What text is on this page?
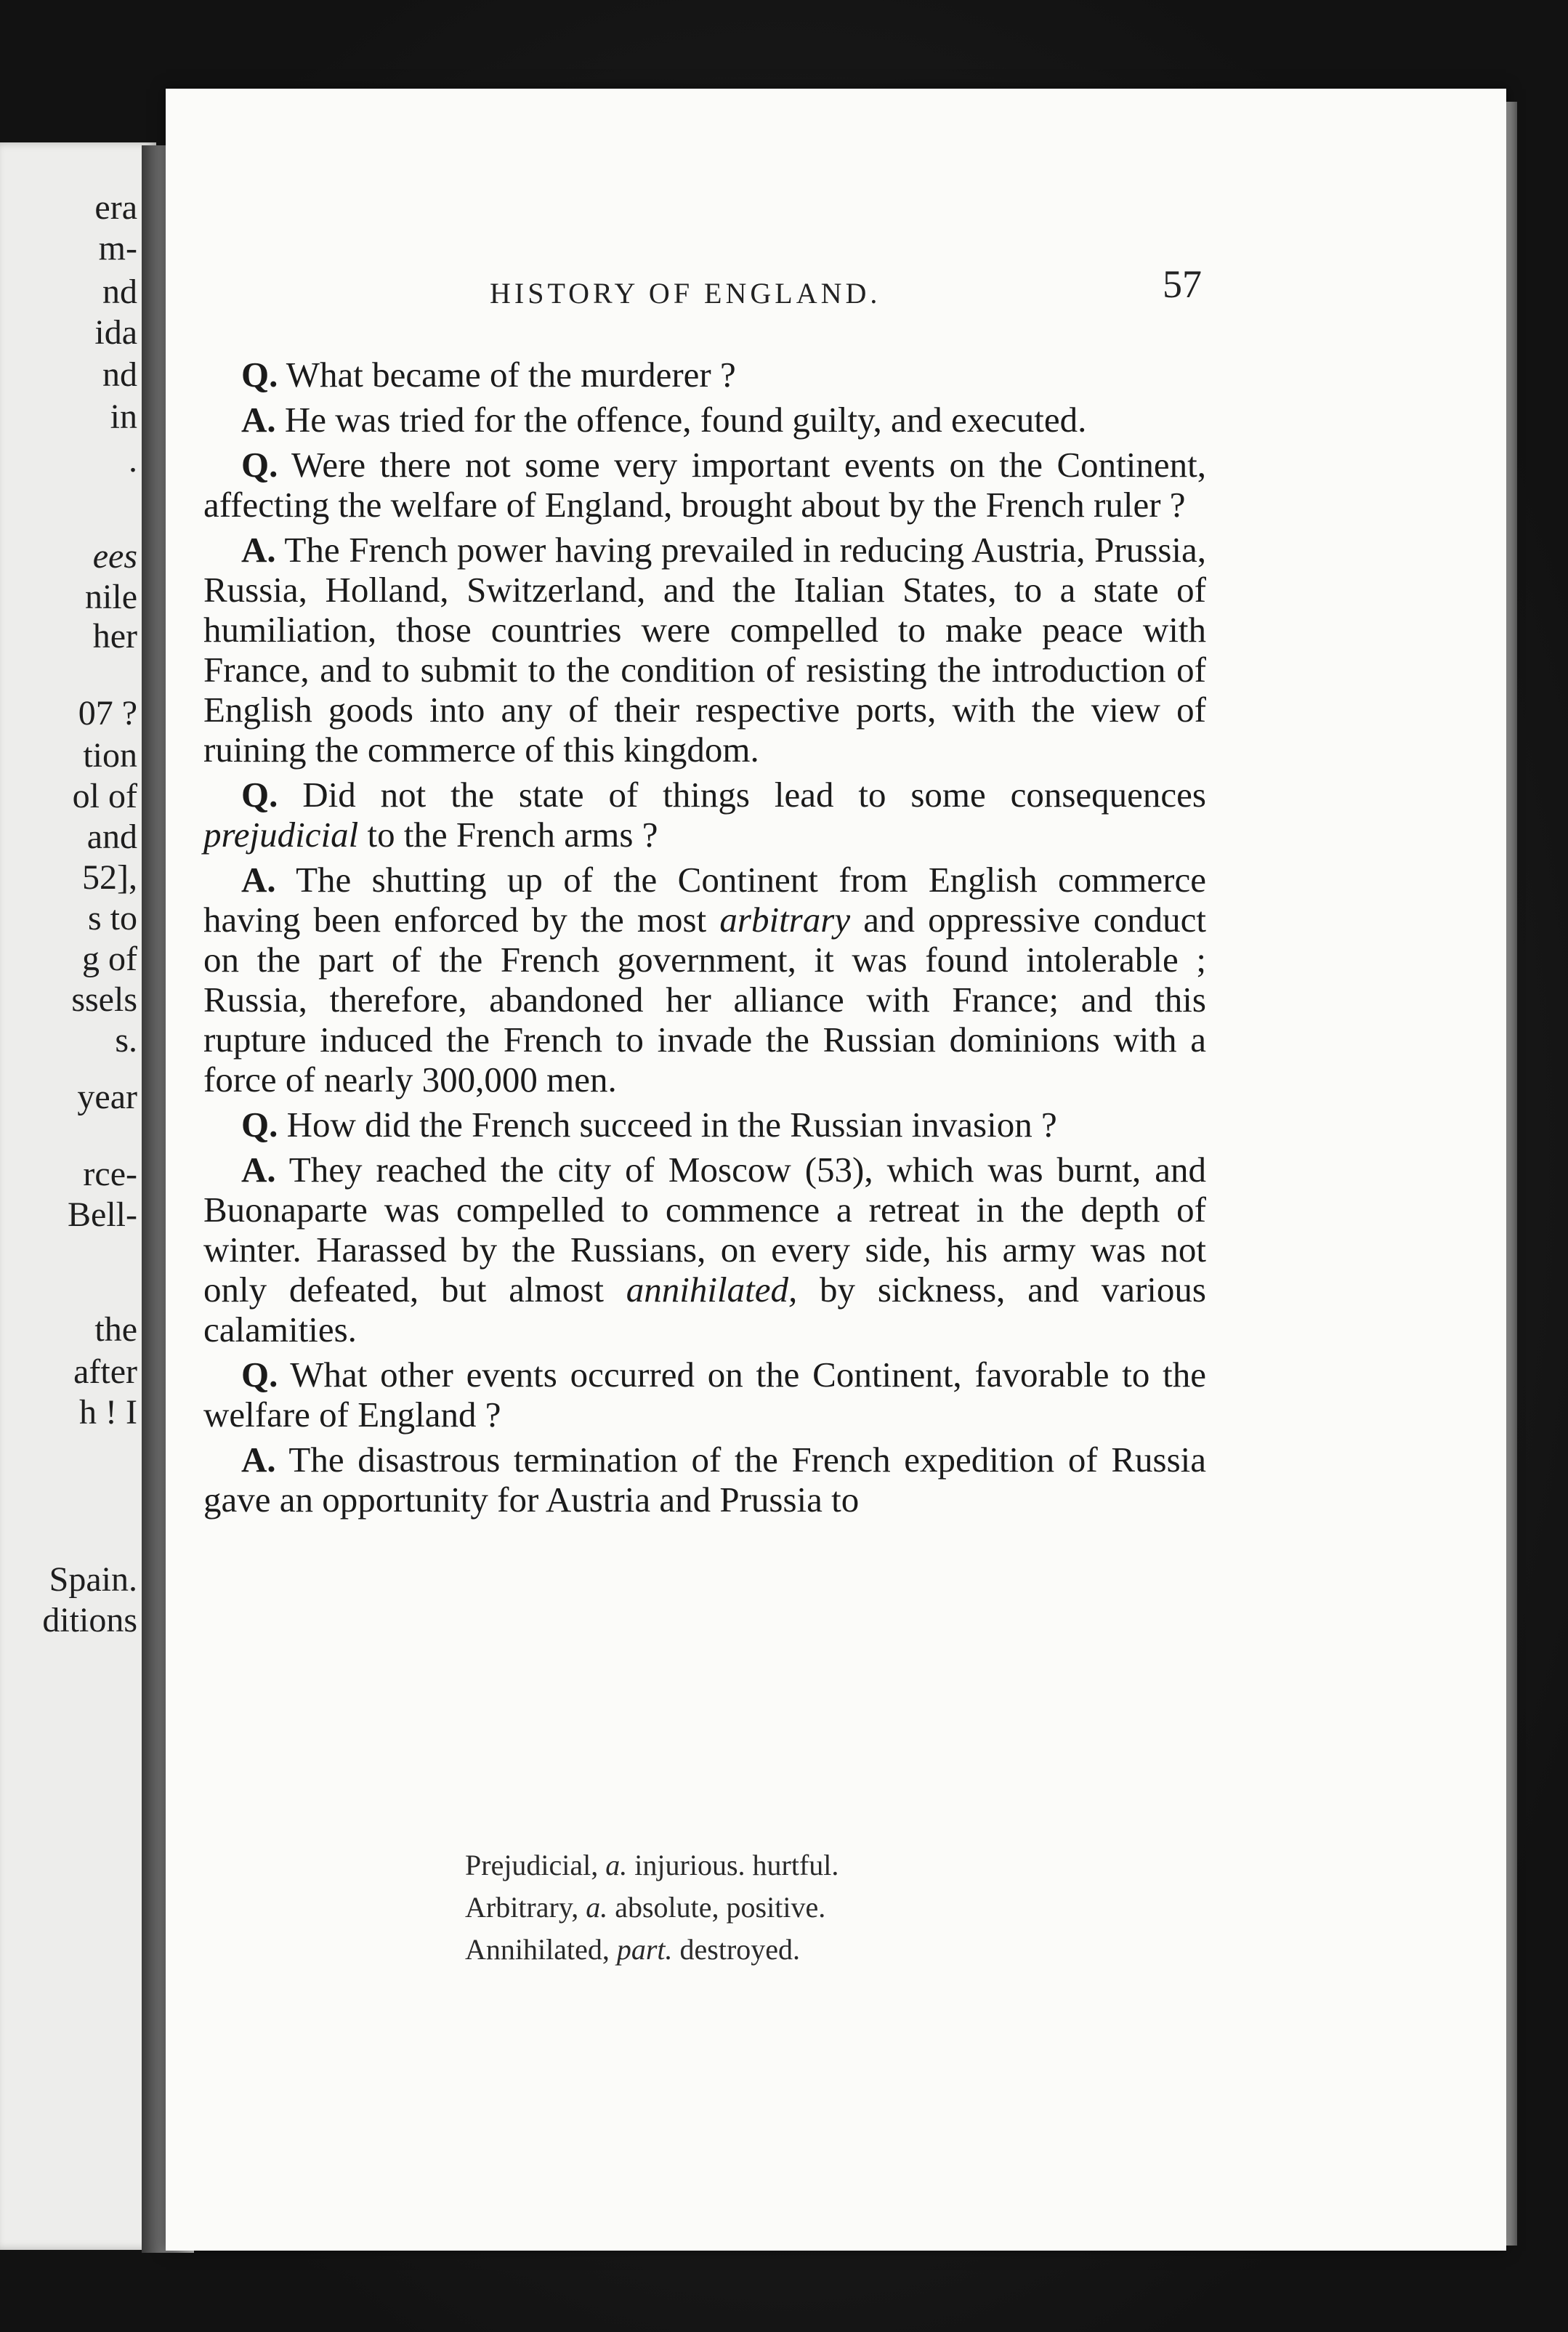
era
m-
nd
ida
nd
in
.
ees
nile
her
07 ?
tion
ol of
and
52],
s to
g of
ssels
s.
year
rce-
Bell-
the
after
h ! I
Spain.
ditions
HISTORY OF ENGLAND.	57

Q. What became of the murderer ?

A. He was tried for the offence, found guilty, and executed.

Q. Were there not some very important events on the Continent, affecting the welfare of England, brought about by the French ruler ?

A. The French power having prevailed in reducing Austria, Prussia, Russia, Holland, Switzerland, and the Italian States, to a state of humiliation, those countries were compelled to make peace with France, and to submit to the condition of resisting the introduction of English goods into any of their respective ports, with the view of ruining the commerce of this kingdom.

Q. Did not the state of things lead to some consequences prejudicial to the French arms ?

A. The shutting up of the Continent from English commerce having been enforced by the most arbitrary and oppressive conduct on the part of the French government, it was found intolerable ; Russia, therefore, abandoned her alliance with France; and this rupture induced the French to invade the Russian dominions with a force of nearly 300,000 men.

Q. How did the French succeed in the Russian invasion ?

A. They reached the city of Moscow (53), which was burnt, and Buonaparte was compelled to commence a retreat in the depth of winter. Harassed by the Russians, on every side, his army was not only defeated, but almost annihilated, by sickness, and various calamities.

Q. What other events occurred on the Continent, favorable to the welfare of England ?

A. The disastrous termination of the French expedition of Russia gave an opportunity for Austria and Prussia to

Prejudicial, a. injurious. hurtful.
Arbitrary, a. absolute, positive.
Annihilated, part. destroyed.
